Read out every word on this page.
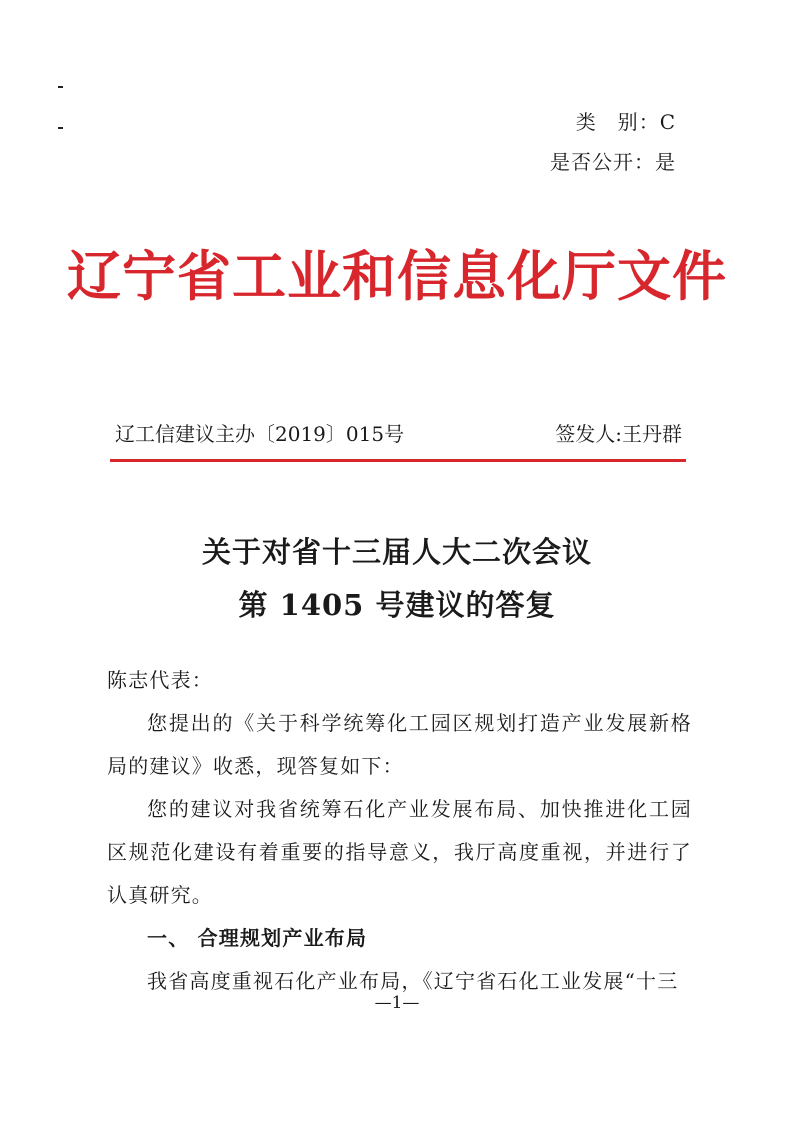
类　别：C
是否公开：是
辽宁省工业和信息化厅文件
辽工信建议主办〔2019〕015号	签发人:王丹群
关于对省十三届人大二次会议
第 1405 号建议的答复
陈志代表：
您提出的《关于科学统筹化工园区规划打造产业发展新格局的建议》收悉，现答复如下：
您的建议对我省统筹石化产业发展布局、加快推进化工园区规范化建设有着重要的指导意义，我厅高度重视，并进行了认真研究。
一、 合理规划产业布局
我省高度重视石化产业布局，《辽宁省石化工业发展“十三
—1—
